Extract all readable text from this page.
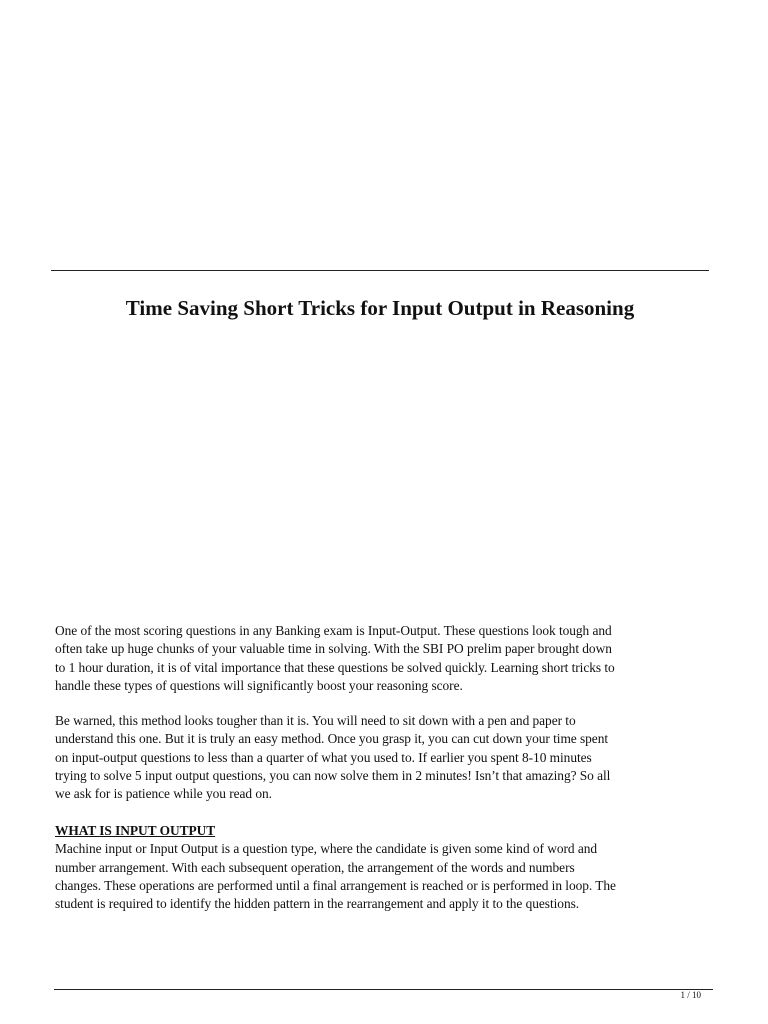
Time Saving Short Tricks for Input Output in Reasoning

One of the most scoring questions in any Banking exam is Input-Output. These questions look tough and
often take up huge chunks of your valuable time in solving. With the SBI PO prelim paper brought down
to 1 hour duration, it is of vital importance that these questions be solved quickly. Learning short tricks to
handle these types of questions will significantly boost your reasoning score.

Be warned, this method looks tougher than it is. You will need to sit down with a pen and paper to
understand this one. But it is truly an easy method. Once you grasp it, you can cut down your time spent
on input-output questions to less than a quarter of what you used to. If earlier you spent 8-10 minutes
trying to solve 5 input output questions, you can now solve them in 2 minutes! Isn’t that amazing? So all
we ask for is patience while you read on.

WHAT IS INPUT OUTPUT
Machine input or Input Output is a question type, where the candidate is given some kind of word and
number arrangement. With each subsequent operation, the arrangement of the words and numbers
changes. These operations are performed until a final arrangement is reached or is performed in loop. The
student is required to identify the hidden pattern in the rearrangement and apply it to the questions.
1 / 10
